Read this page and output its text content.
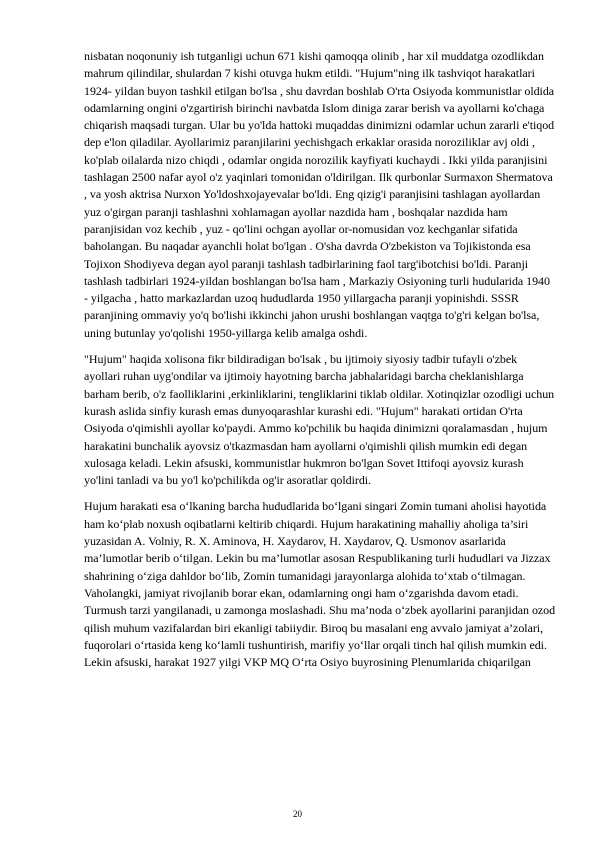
nisbatan noqonuniy ish tutganligi uchun 671 kishi qamoqqa olinib , har xil muddatga ozodlikdan mahrum qilindilar, shulardan 7 kishi otuvga hukm etildi. "Hujum"ning ilk tashviqot harakatlari 1924- yildan buyon tashkil etilgan bo'lsa , shu davrdan boshlab O'rta Osiyoda kommunistlar oldida odamlarning ongini o'zgartirish birinchi navbatda Islom diniga zarar berish va ayollarni ko'chaga chiqarish maqsadi turgan. Ular bu yo'lda hattoki muqaddas dinimizni odamlar uchun zararli e'tiqod dep e'lon qiladilar. Ayollarimiz paranjilarini yechishgach erkaklar orasida noroziliklar avj oldi , ko'plab oilalarda nizo chiqdi , odamlar ongida norozilik kayfiyati kuchaydi . Ikki yilda paranjisini tashlagan 2500 nafar ayol o'z yaqinlari tomonidan o'ldirilgan. Ilk qurbonlar Surmaxon Shermatova , va yosh aktrisa Nurxon Yo'ldoshxojayevalar bo'ldi. Eng qizig'i paranjisini tashlagan ayollardan yuz o'girgan paranji tashlashni xohlamagan ayollar nazdida ham , boshqalar nazdida ham paranjisidan voz kechib , yuz - qo'lini ochgan ayollar or-nomusidan voz kechganlar sifatida baholangan. Bu naqadar ayanchli holat bo'lgan . O'sha davrda O'zbekiston va Tojikistonda esa Tojixon Shodiyeva degan ayol paranji tashlash tadbirlarining faol targ'ibotchisi bo'ldi. Paranji tashlash tadbirlari 1924-yildan boshlangan bo'lsa ham , Markaziy Osiyoning turli hudularida 1940 - yilgacha , hatto markazlardan uzoq hududlarda 1950 yillargacha paranji yopinishdi. SSSR paranjining ommaviy yo'q bo'lishi ikkinchi jahon urushi boshlangan vaqtga to'g'ri kelgan bo'lsa, uning butunlay yo'qolishi 1950-yillarga kelib amalga oshdi.

"Hujum" haqida xolisona fikr bildiradigan bo'lsak , bu ijtimoiy siyosiy tadbir tufayli o'zbek ayollari ruhan uyg'ondilar va ijtimoiy hayotning barcha jabhalaridagi barcha cheklanishlarga barham berib, o'z faolliklarini ,erkinliklarini, tengliklarini tiklab oldilar. Xotinqizlar ozodligi uchun kurash aslida sinfiy kurash emas dunyoqarashlar kurashi edi. "Hujum" harakati ortidan O'rta Osiyoda o'qimishli ayollar ko'paydi. Ammo ko'pchilik bu haqida dinimizni qoralamasdan , hujum harakatini bunchalik ayovsiz o'tkazmasdan ham ayollarni o'qimishli qilish mumkin edi degan xulosaga keladi. Lekin afsuski, kommunistlar hukmron bo'lgan Sovet Ittifoqi ayovsiz kurash yo'lini tanladi va bu yo'l ko'pchilikda og'ir asoratlar qoldirdi.

Hujum harakati esa o‘lkaning barcha hududlarida bo‘lgani singari Zomin tumani aholisi hayotida ham ko‘plab noxush oqibatlarni keltirib chiqardi. Hujum harakatining mahalliy aholiga ta’siri yuzasidan A. Volniy, R. X. Aminova, H. Xaydarov, H. Xaydarov, Q. Usmonov asarlarida ma’lumotlar berib o‘tilgan. Lekin bu ma’lumotlar asosan Respublikaning turli hududlari va Jizzax shahrining o‘ziga dahldor bo‘lib, Zomin tumanidagi jarayonlarga alohida to‘xtab o‘tilmagan. Vaholangki, jamiyat rivojlanib borar ekan, odamlarning ongi ham o‘zgarishda davom etadi. Turmush tarzi yangilanadi, u zamonga moslashadi. Shu ma’noda o‘zbek ayollarini paranjidan ozod qilish muhum vazifalardan biri ekanligi tabiiydir. Biroq bu masalani eng avvalo jamiyat a’zolari, fuqorolari o‘rtasida keng ko‘lamli tushuntirish, marifiy yo‘llar orqali tinch hal qilish mumkin edi. Lekin afsuski, harakat 1927 yilgi VKP MQ O‘rta Osiyo buyrosining Plenumlarida chiqarilgan

20
